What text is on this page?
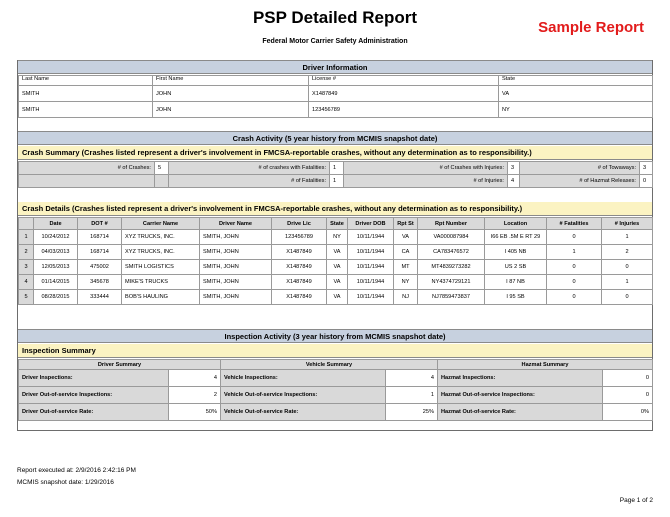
PSP Detailed Report
Federal Motor Carrier Safety Administration
Sample Report
Driver Information
Last Name	First Name	License #	State
SMITH	JOHN	X1487849	VA
SMITH	JOHN	123456789	NY
Crash Activity (5 year history from MCMIS snapshot date)
Crash Summary (Crashes listed represent a driver's involvement in FMCSA-reportable crashes, without any determination as to responsibility.)
# of Crashes:	5	# of crashes with Fatalities:	1	# of Crashes with Injuries:	3	# of Towaways:	3
		# of Fatalities:	1	# of Injuries:	4	# of Hazmat Releases:	0
Crash Details (Crashes listed represent a driver's involvement in FMCSA-reportable crashes, without any determination as to responsibility.)
	Date	DOT #	Carrier Name	Driver Name	Drive Lic	State	Driver DOB	Rpt St	Rpt Number	Location	# Fatalities	# Injuries
1	10/24/2012	168714	XYZ TRUCKS, INC.	SMITH, JOHN	123456789	NY	10/11/1944	VA	VA000087984	I66 EB .5M E RT 29	0	1
2	04/03/2013	168714	XYZ TRUCKS, INC.	SMITH, JOHN	X1487849	VA	10/11/1944	CA	CA783476572	I 405 NB	1	2
3	12/05/2013	475002	SMITH LOGISTICS	SMITH, JOHN	X1487849	VA	10/11/1944	MT	MT4839273282	US 2 SB	0	0
4	01/14/2015	345678	MIKE'S TRUCKS	SMITH, JOHN	X1487849	VA	10/11/1944	NY	NY4374729121	I 87 NB	0	1
5	08/28/2015	333444	BOB'S HAULING	SMITH, JOHN	X1487849	VA	10/11/1944	NJ	NJ7859473837	I 95 SB	0	0
Inspection Activity (3 year history from MCMIS snapshot date)
Inspection Summary
Driver Summary		Vehicle Summary		Hazmat Summary	
Driver Inspections:	4	Vehicle Inspections:	4	Hazmat Inspections:	0
Driver Out-of-service Inspections:	2	Vehicle Out-of-service Inspections:	1	Hazmat Out-of-service Inspections:	0
Driver Out-of-service Rate:	50%	Vehicle Out-of-service Rate:	25%	Hazmat Out-of-service Rate:	0%
Report executed at: 2/9/2016 2:42:16 PM
MCMIS snapshot date: 1/29/2016
Page 1 of 2
